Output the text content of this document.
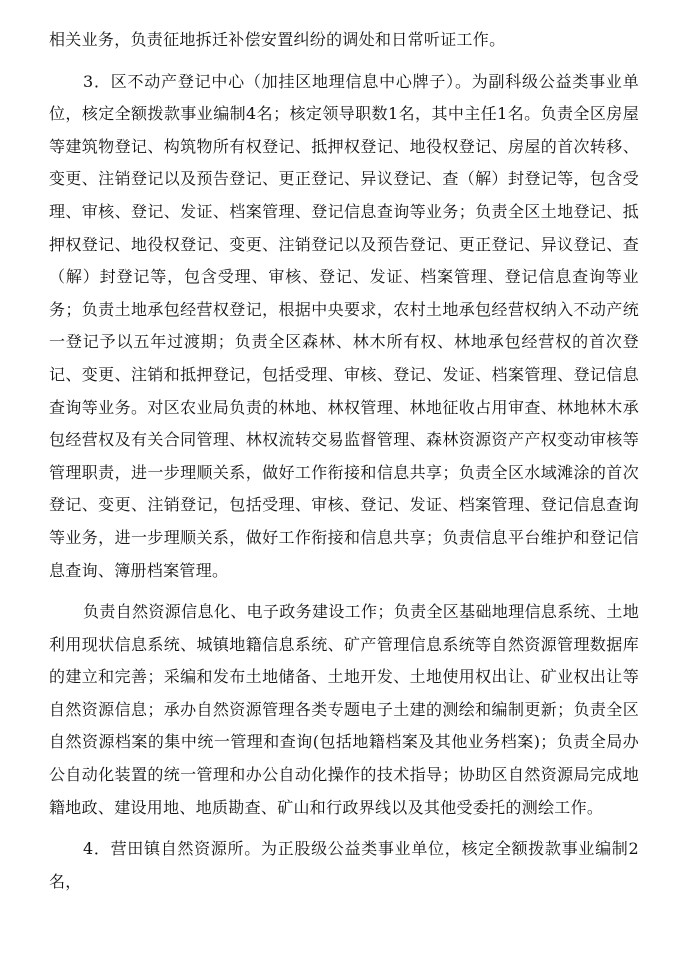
相关业务，负责征地拆迁补偿安置纠纷的调处和日常听证工作。

3．区不动产登记中心（加挂区地理信息中心牌子）。为副科级公益类事业单位，核定全额拨款事业编制4名；核定领导职数1名，其中主任1名。负责全区房屋等建筑物登记、构筑物所有权登记、抵押权登记、地役权登记、房屋的首次转移、变更、注销登记以及预告登记、更正登记、异议登记、查（解）封登记等，包含受理、审核、登记、发证、档案管理、登记信息查询等业务；负责全区土地登记、抵押权登记、地役权登记、变更、注销登记以及预告登记、更正登记、异议登记、查（解）封登记等，包含受理、审核、登记、发证、档案管理、登记信息查询等业务；负责土地承包经营权登记，根据中央要求，农村土地承包经营权纳入不动产统一登记予以五年过渡期；负责全区森林、林木所有权、林地承包经营权的首次登记、变更、注销和抵押登记，包括受理、审核、登记、发证、档案管理、登记信息查询等业务。对区农业局负责的林地、林权管理、林地征收占用审查、林地林木承包经营权及有关合同管理、林权流转交易监督管理、森林资源资产产权变动审核等管理职责，进一步理顺关系，做好工作衔接和信息共享；负责全区水域滩涂的首次登记、变更、注销登记，包括受理、审核、登记、发证、档案管理、登记信息查询等业务，进一步理顺关系，做好工作衔接和信息共享；负责信息平台维护和登记信息查询、簿册档案管理。

负责自然资源信息化、电子政务建设工作；负责全区基础地理信息系统、土地利用现状信息系统、城镇地籍信息系统、矿产管理信息系统等自然资源管理数据库的建立和完善；采编和发布土地储备、土地开发、土地使用权出让、矿业权出让等自然资源信息；承办自然资源管理各类专题电子土建的测绘和编制更新；负责全区自然资源档案的集中统一管理和查询(包括地籍档案及其他业务档案)；负责全局办公自动化装置的统一管理和办公自动化操作的技术指导；协助区自然资源局完成地籍地政、建设用地、地质勘查、矿山和行政界线以及其他受委托的测绘工作。

4．营田镇自然资源所。为正股级公益类事业单位，核定全额拨款事业编制2名，
